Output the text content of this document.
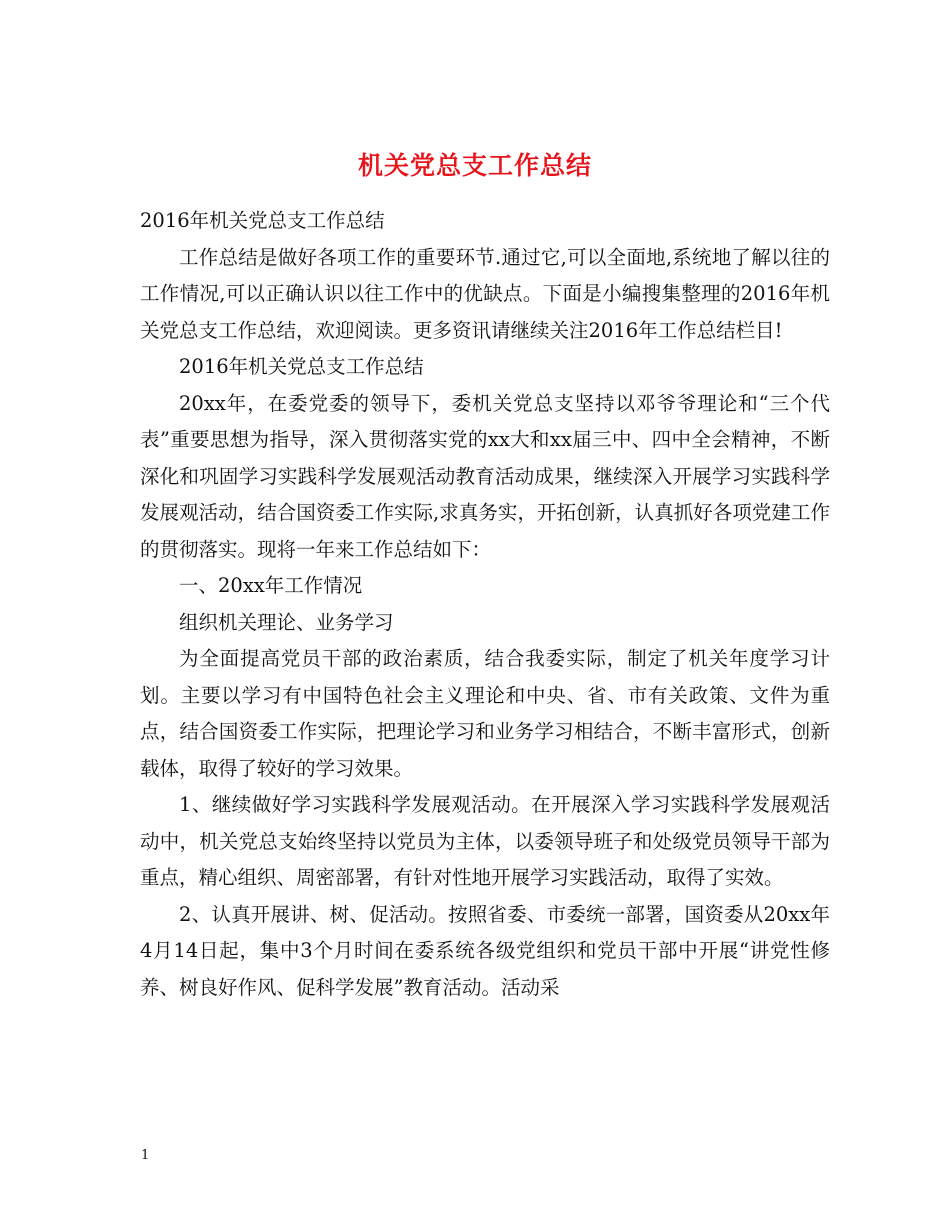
机关党总支工作总结

2016年机关党总支工作总结

工作总结是做好各项工作的重要环节.通过它,可以全面地,系统地了解以往的工作情况,可以正确认识以往工作中的优缺点。下面是小编搜集整理的2016年机关党总支工作总结，欢迎阅读。更多资讯请继续关注2016年工作总结栏目!

2016年机关党总支工作总结

20xx年，在委党委的领导下，委机关党总支坚持以邓爷爷理论和“三个代表”重要思想为指导，深入贯彻落实党的xx大和xx届三中、四中全会精神，不断深化和巩固学习实践科学发展观活动教育活动成果，继续深入开展学习实践科学发展观活动，结合国资委工作实际,求真务实，开拓创新，认真抓好各项党建工作的贯彻落实。现将一年来工作总结如下：

一、20xx年工作情况

组织机关理论、业务学习

为全面提高党员干部的政治素质，结合我委实际，制定了机关年度学习计划。主要以学习有中国特色社会主义理论和中央、省、市有关政策、文件为重点，结合国资委工作实际，把理论学习和业务学习相结合，不断丰富形式，创新载体，取得了较好的学习效果。

1、继续做好学习实践科学发展观活动。在开展深入学习实践科学发展观活动中，机关党总支始终坚持以党员为主体，以委领导班子和处级党员领导干部为重点，精心组织、周密部署，有针对性地开展学习实践活动，取得了实效。

2、认真开展讲、树、促活动。按照省委、市委统一部署，国资委从20xx年4月14日起，集中3个月时间在委系统各级党组织和党员干部中开展“讲党性修养、树良好作风、促科学发展”教育活动。活动采

1
